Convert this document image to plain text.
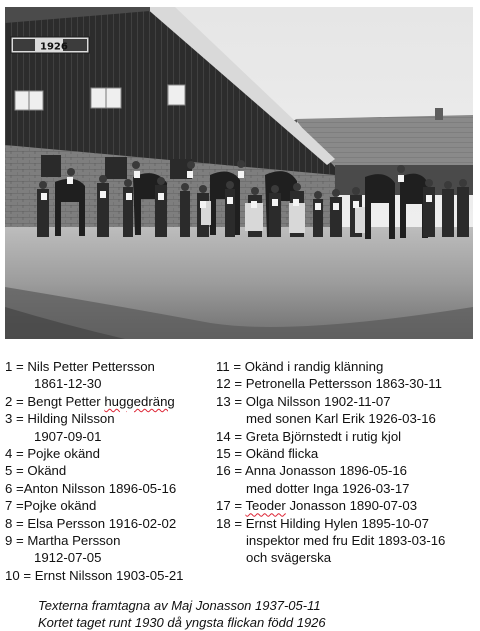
1926
1 = Nils Petter Pettersson
1861-12-30
2 = Bengt Petter huggedräng
3 = Hilding Nilsson
1907-09-01
4 = Pojke okänd
5 = Okänd
6 =Anton Nilsson 1896-05-16
7 =Pojke okänd
8 = Elsa Persson 1916-02-02
9 = Martha Persson
1912-07-05
10 = Ernst Nilsson 1903-05-21
11 = Okänd i randig klänning
12 = Petronella Pettersson 1863-30-11
13 = Olga Nilsson 1902-11-07
med sonen Karl Erik 1926-03-16
14 = Greta Björnstedt i rutig kjol
15 = Okänd flicka
16 = Anna Jonasson 1896-05-16
med dotter Inga 1926-03-17
17 = Teoder Jonasson 1890-07-03
18 = Ernst Hilding Hylen 1895-10-07
inspektor med fru Edit 1893-03-16
och svägerska
Texterna framtagna av Maj Jonasson 1937-05-11
Kortet taget runt 1930 då yngsta flickan född 1926
